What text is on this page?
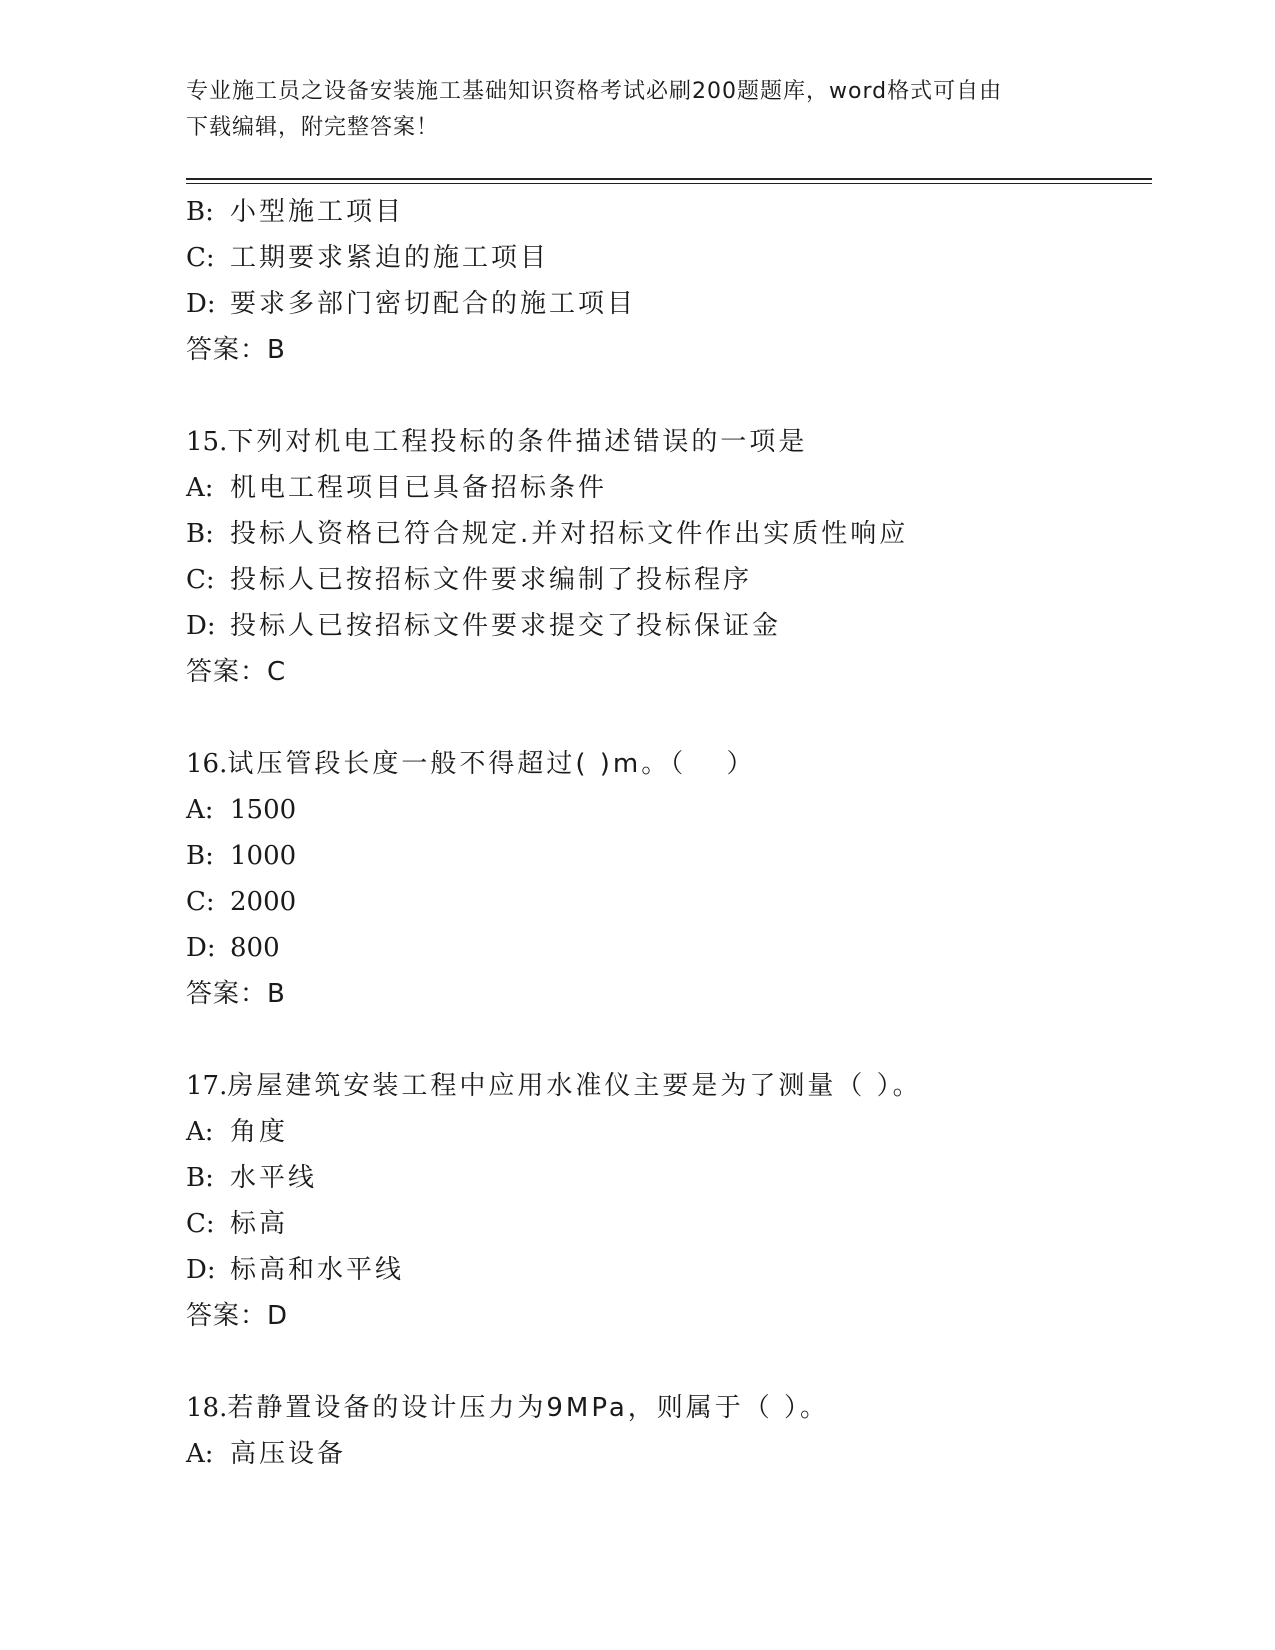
专业施工员之设备安装施工基础知识资格考试必刷200题题库，word格式可自由
下载编辑，附完整答案！
B: 小型施工项目
C: 工期要求紧迫的施工项目
D: 要求多部门密切配合的施工项目
答案：B
15.下列对机电工程投标的条件描述错误的一项是
A: 机电工程项目已具备招标条件
B: 投标人资格已符合规定.并对招标文件作出实质性响应
C: 投标人已按招标文件要求编制了投标程序
D: 投标人已按招标文件要求提交了投标保证金
答案：C
16.试压管段长度一般不得超过( )m。（　 ）
A: 1500
B: 1000
C: 2000
D: 800
答案：B
17.房屋建筑安装工程中应用水准仪主要是为了测量（ ）。
A: 角度
B: 水平线
C: 标高
D: 标高和水平线
答案：D
18.若静置设备的设计压力为9MPa，则属于（ ）。
A: 高压设备
